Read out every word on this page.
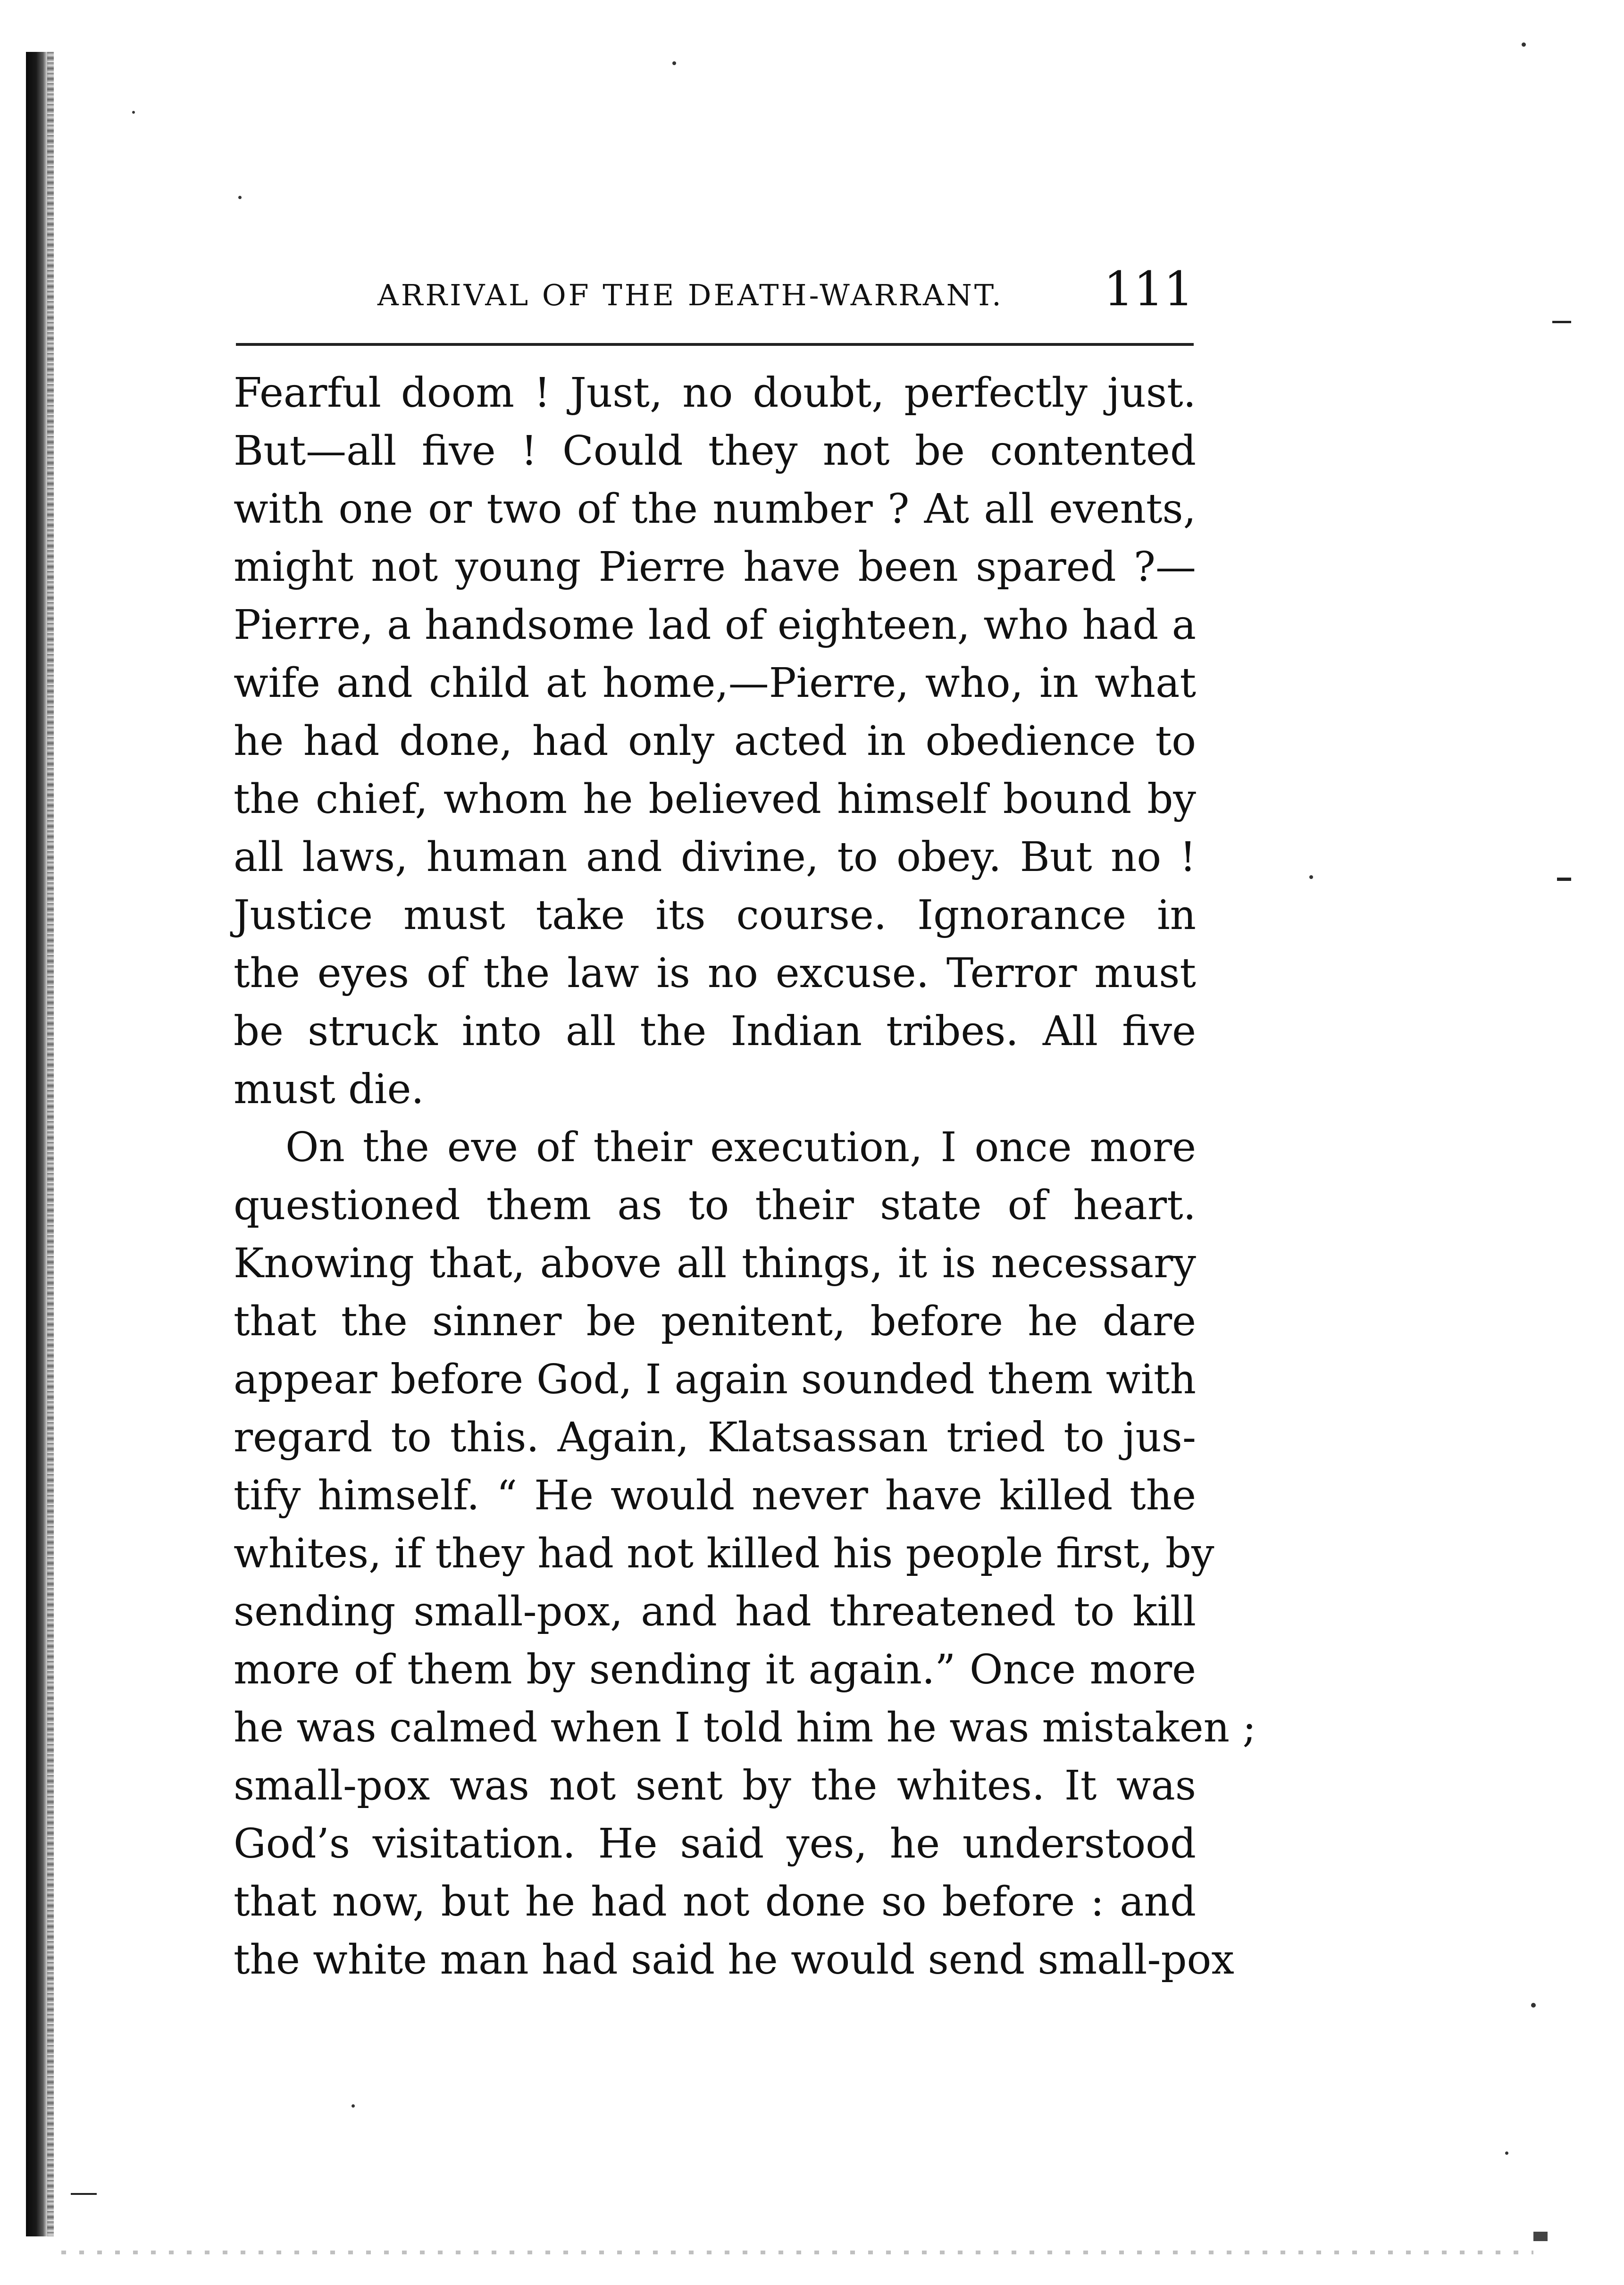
ARRIVAL OF THE DEATH-WARRANT. 111
Fearful doom ! Just, no doubt, perfectly just.
But—all five ! Could they not be contented
with one or two of the number ? At all events,
might not young Pierre have been spared ?—
Pierre, a handsome lad of eighteen, who had a
wife and child at home,—Pierre, who, in what
he had done, had only acted in obedience to
the chief, whom he believed himself bound by
all laws, human and divine, to obey. But no !
Justice must take its course. Ignorance in
the eyes of the law is no excuse. Terror must
be struck into all the Indian tribes. All five
must die.
On the eve of their execution, I once more
questioned them as to their state of heart.
Knowing that, above all things, it is necessary
that the sinner be penitent, before he dare
appear before God, I again sounded them with
regard to this. Again, Klatsassan tried to jus-
tify himself. “ He would never have killed the
whites, if they had not killed his people first, by
sending small-pox, and had threatened to kill
more of them by sending it again.” Once more
he was calmed when I told him he was mistaken ;
small-pox was not sent by the whites. It was
God’s visitation. He said yes, he understood
that now, but he had not done so before : and
the white man had said he would send small-pox
